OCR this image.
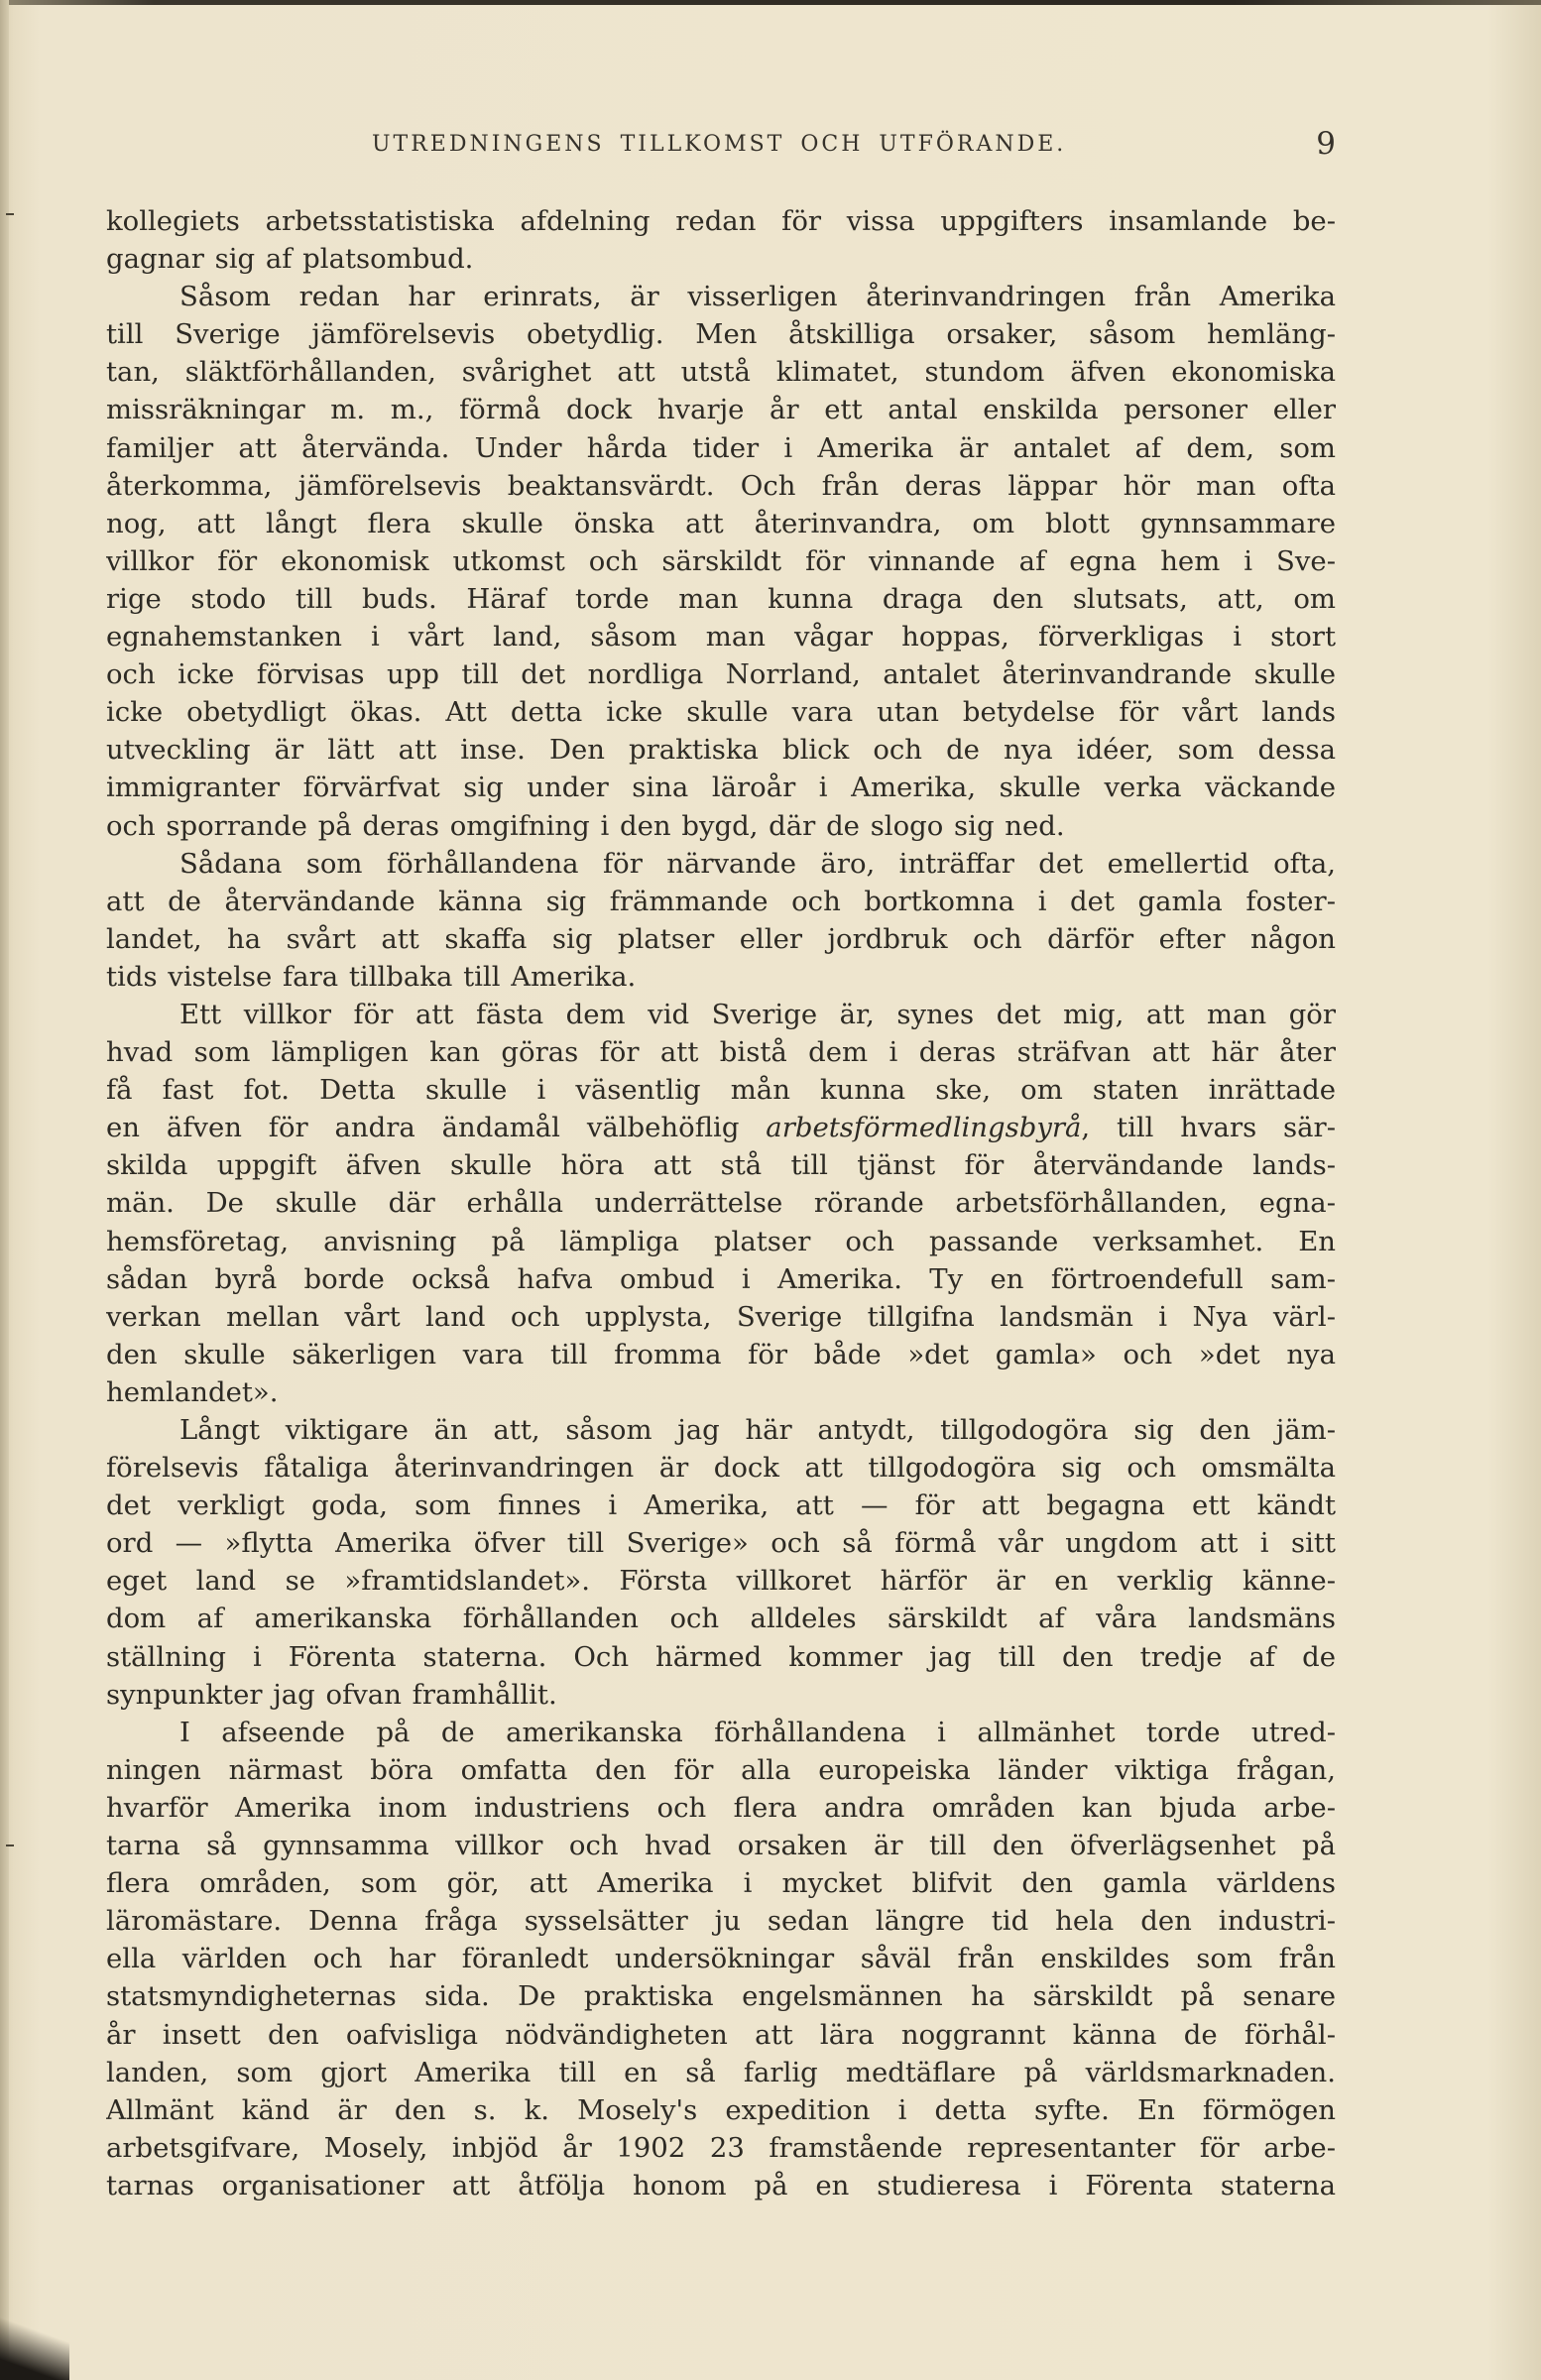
UTREDNINGENS TILLKOMST OCH UTFÖRANDE.	9
kollegiets arbetsstatistiska afdelning redan för vissa uppgifters insamlande be-
gagnar sig af platsombud.
Såsom redan har erinrats, är visserligen återinvandringen från Amerika
till Sverige jämförelsevis obetydlig. Men åtskilliga orsaker, såsom hemläng-
tan, släktförhållanden, svårighet att utstå klimatet, stundom äfven ekonomiska
missräkningar m. m., förmå dock hvarje år ett antal enskilda personer eller
familjer att återvända. Under hårda tider i Amerika är antalet af dem, som
återkomma, jämförelsevis beaktansvärdt. Och från deras läppar hör man ofta
nog, att långt flera skulle önska att återinvandra, om blott gynnsammare
villkor för ekonomisk utkomst och särskildt för vinnande af egna hem i Sve-
rige stodo till buds. Häraf torde man kunna draga den slutsats, att, om
egnahemstanken i vårt land, såsom man vågar hoppas, förverkligas i stort
och icke förvisas upp till det nordliga Norrland, antalet återinvandrande skulle
icke obetydligt ökas. Att detta icke skulle vara utan betydelse för vårt lands
utveckling är lätt att inse. Den praktiska blick och de nya idéer, som dessa
immigranter förvärfvat sig under sina läroår i Amerika, skulle verka väckande
och sporrande på deras omgifning i den bygd, där de slogo sig ned.
Sådana som förhållandena för närvande äro, inträffar det emellertid ofta,
att de återvändande känna sig främmande och bortkomna i det gamla foster-
landet, ha svårt att skaffa sig platser eller jordbruk och därför efter någon
tids vistelse fara tillbaka till Amerika.
Ett villkor för att fästa dem vid Sverige är, synes det mig, att man gör
hvad som lämpligen kan göras för att bistå dem i deras sträfvan att här åter
få fast fot. Detta skulle i väsentlig mån kunna ske, om staten inrättade
en äfven för andra ändamål välbehöflig arbetsförmedlingsbyrå, till hvars sär-
skilda uppgift äfven skulle höra att stå till tjänst för återvändande lands-
män. De skulle där erhålla underrättelse rörande arbetsförhållanden, egna-
hemsföretag, anvisning på lämpliga platser och passande verksamhet. En
sådan byrå borde också hafva ombud i Amerika. Ty en förtroendefull sam-
verkan mellan vårt land och upplysta, Sverige tillgifna landsmän i Nya värl-
den skulle säkerligen vara till fromma för både »det gamla» och »det nya
hemlandet».
Långt viktigare än att, såsom jag här antydt, tillgodogöra sig den jäm-
förelsevis fåtaliga återinvandringen är dock att tillgodogöra sig och omsmälta
det verkligt goda, som finnes i Amerika, att — för att begagna ett kändt
ord — »flytta Amerika öfver till Sverige» och så förmå vår ungdom att i sitt
eget land se »framtidslandet». Första villkoret härför är en verklig känne-
dom af amerikanska förhållanden och alldeles särskildt af våra landsmäns
ställning i Förenta staterna. Och härmed kommer jag till den tredje af de
synpunkter jag ofvan framhållit.
I afseende på de amerikanska förhållandena i allmänhet torde utred-
ningen närmast böra omfatta den för alla europeiska länder viktiga frågan,
hvarför Amerika inom industriens och flera andra områden kan bjuda arbe-
tarna så gynnsamma villkor och hvad orsaken är till den öfverlägsenhet på
flera områden, som gör, att Amerika i mycket blifvit den gamla världens
läromästare. Denna fråga sysselsätter ju sedan längre tid hela den industri-
ella världen och har föranledt undersökningar såväl från enskildes som från
statsmyndigheternas sida. De praktiska engelsmännen ha särskildt på senare
år insett den oafvisliga nödvändigheten att lära noggrannt känna de förhål-
landen, som gjort Amerika till en så farlig medtäflare på världsmarknaden.
Allmänt känd är den s. k. Mosely's expedition i detta syfte. En förmögen
arbetsgifvare, Mosely, inbjöd år 1902 23 framstående representanter för arbe-
tarnas organisationer att åtfölja honom på en studieresa i Förenta staterna
